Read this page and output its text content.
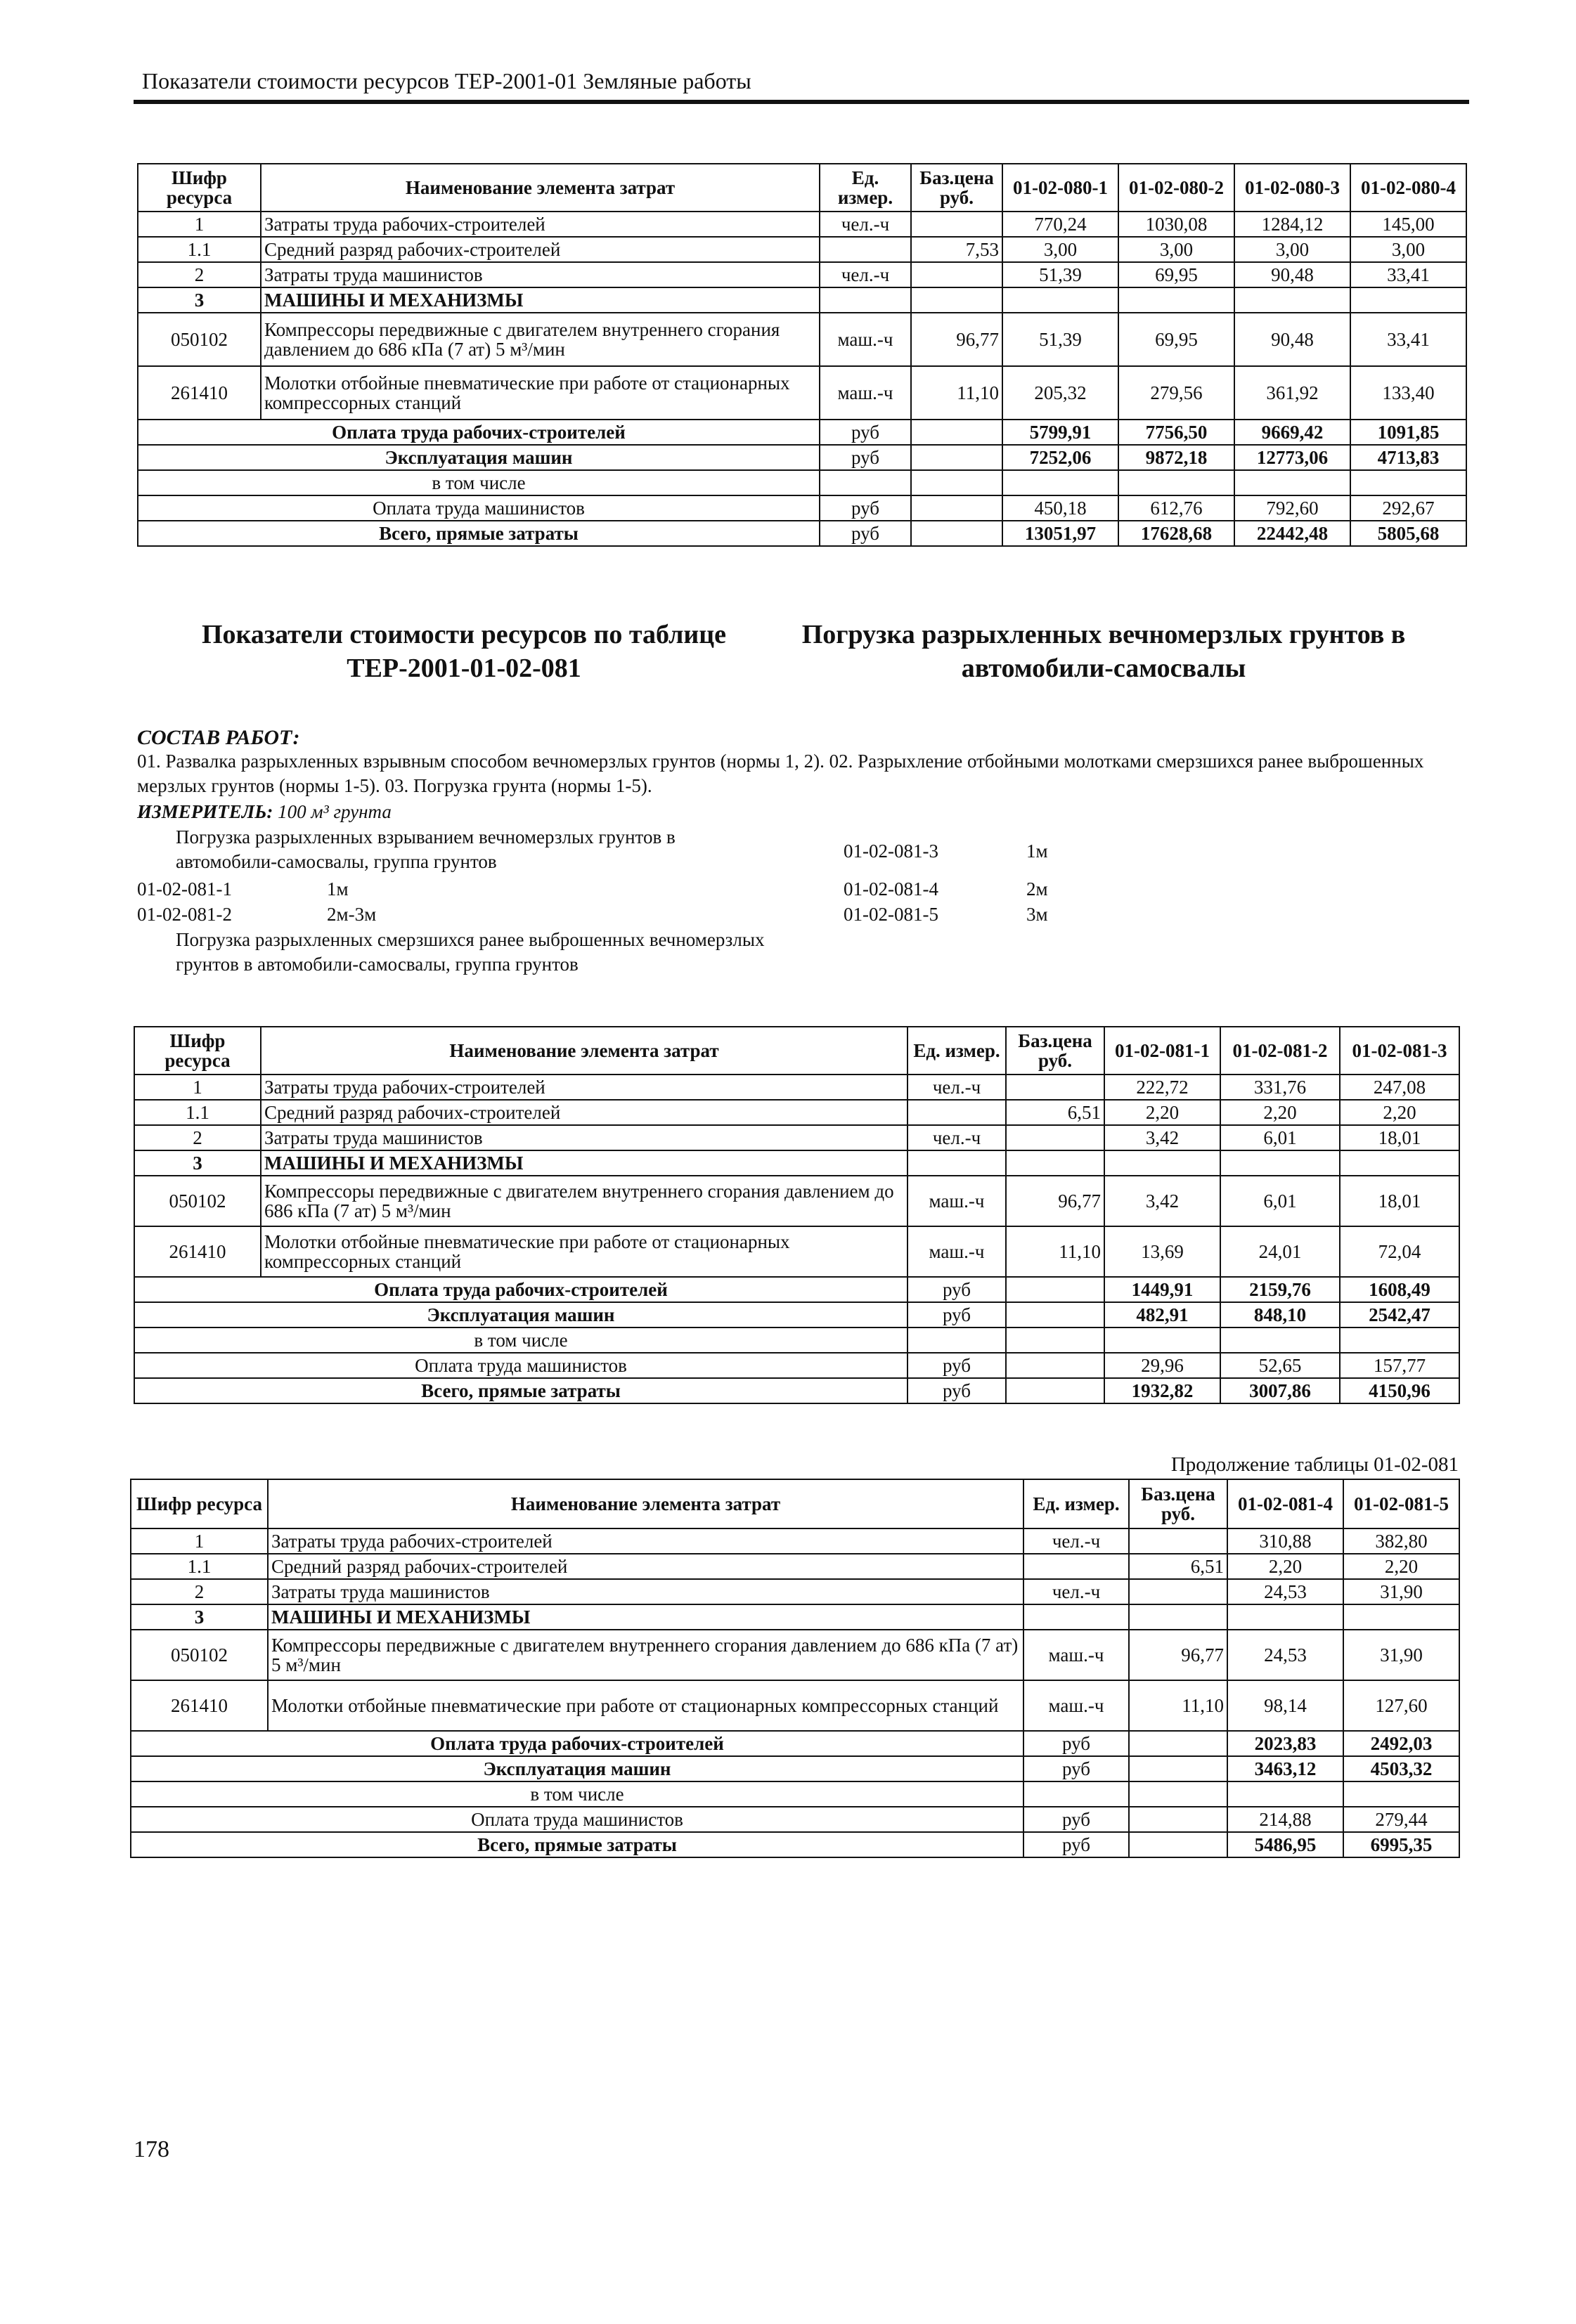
Показатели стоимости ресурсов ТЕР-2001-01 Земляные работы
Шифр ресурса	Наименование элемента затрат	Ед. измер.	Баз.цена руб.	01-02-080-1	01-02-080-2	01-02-080-3	01-02-080-4
1	Затраты труда рабочих-строителей	чел.-ч		770,24	1030,08	1284,12	145,00
1.1	Средний разряд рабочих-строителей		7,53	3,00	3,00	3,00	3,00
2	Затраты труда машинистов	чел.-ч		51,39	69,95	90,48	33,41
3	МАШИНЫ И МЕХАНИЗМЫ						
050102	Компрессоры передвижные с двигателем внутреннего сгорания давлением до 686 кПа (7 ат) 5 м³/мин	маш.-ч	96,77	51,39	69,95	90,48	33,41
261410	Молотки отбойные пневматические при работе от стационарных компрессорных станций	маш.-ч	11,10	205,32	279,56	361,92	133,40
Оплата труда рабочих-строителей		руб		5799,91	7756,50	9669,42	1091,85
Эксплуатация машин		руб		7252,06	9872,18	12773,06	4713,83
в том числе							
Оплата труда машинистов		руб		450,18	612,76	792,60	292,67
Всего, прямые затраты		руб		13051,97	17628,68	22442,48	5805,68
Показатели стоимости ресурсов по таблице ТЕР-2001-01-02-081
Погрузка разрыхленных вечномерзлых грунтов в автомобили-самосвалы
СОСТАВ РАБОТ:
01. Развалка разрыхленных взрывным способом вечномерзлых грунтов (нормы 1, 2). 02. Разрыхление отбойными молотками смерзшихся ранее выброшенных мерзлых грунтов (нормы 1-5). 03. Погрузка грунта (нормы 1-5).
ИЗМЕРИТЕЛЬ: 100 м³ грунта
Погрузка разрыхленных взрыванием вечномерзлых грунтов в автомобили-самосвалы, группа грунтов
01-02-081-1	1м
01-02-081-2	2м-3м
Погрузка разрыхленных смерзшихся ранее выброшенных вечномерзлых грунтов в автомобили-самосвалы, группа грунтов
01-02-081-3	1м
01-02-081-4	2м
01-02-081-5	3м
Шифр ресурса	Наименование элемента затрат	Ед. измер.	Баз.цена руб.	01-02-081-1	01-02-081-2	01-02-081-3
1	Затраты труда рабочих-строителей	чел.-ч		222,72	331,76	247,08
1.1	Средний разряд рабочих-строителей		6,51	2,20	2,20	2,20
2	Затраты труда машинистов	чел.-ч		3,42	6,01	18,01
3	МАШИНЫ И МЕХАНИЗМЫ					
050102	Компрессоры передвижные с двигателем внутреннего сгорания давлением до 686 кПа (7 ат) 5 м³/мин	маш.-ч	96,77	3,42	6,01	18,01
261410	Молотки отбойные пневматические при работе от стационарных компрессорных станций	маш.-ч	11,10	13,69	24,01	72,04
Оплата труда рабочих-строителей		руб		1449,91	2159,76	1608,49
Эксплуатация машин		руб		482,91	848,10	2542,47
в том числе						
Оплата труда машинистов		руб		29,96	52,65	157,77
Всего, прямые затраты		руб		1932,82	3007,86	4150,96
Продолжение таблицы 01-02-081
Шифр ресурса	Наименование элемента затрат	Ед. измер.	Баз.цена руб.	01-02-081-4	01-02-081-5
1	Затраты труда рабочих-строителей	чел.-ч		310,88	382,80
1.1	Средний разряд рабочих-строителей		6,51	2,20	2,20
2	Затраты труда машинистов	чел.-ч		24,53	31,90
3	МАШИНЫ И МЕХАНИЗМЫ				
050102	Компрессоры передвижные с двигателем внутреннего сгорания давлением до 686 кПа (7 ат) 5 м³/мин	маш.-ч	96,77	24,53	31,90
261410	Молотки отбойные пневматические при работе от стационарных компрессорных станций	маш.-ч	11,10	98,14	127,60
Оплата труда рабочих-строителей		руб		2023,83	2492,03
Эксплуатация машин		руб		3463,12	4503,32
в том числе					
Оплата труда машинистов		руб		214,88	279,44
Всего, прямые затраты		руб		5486,95	6995,35
178
